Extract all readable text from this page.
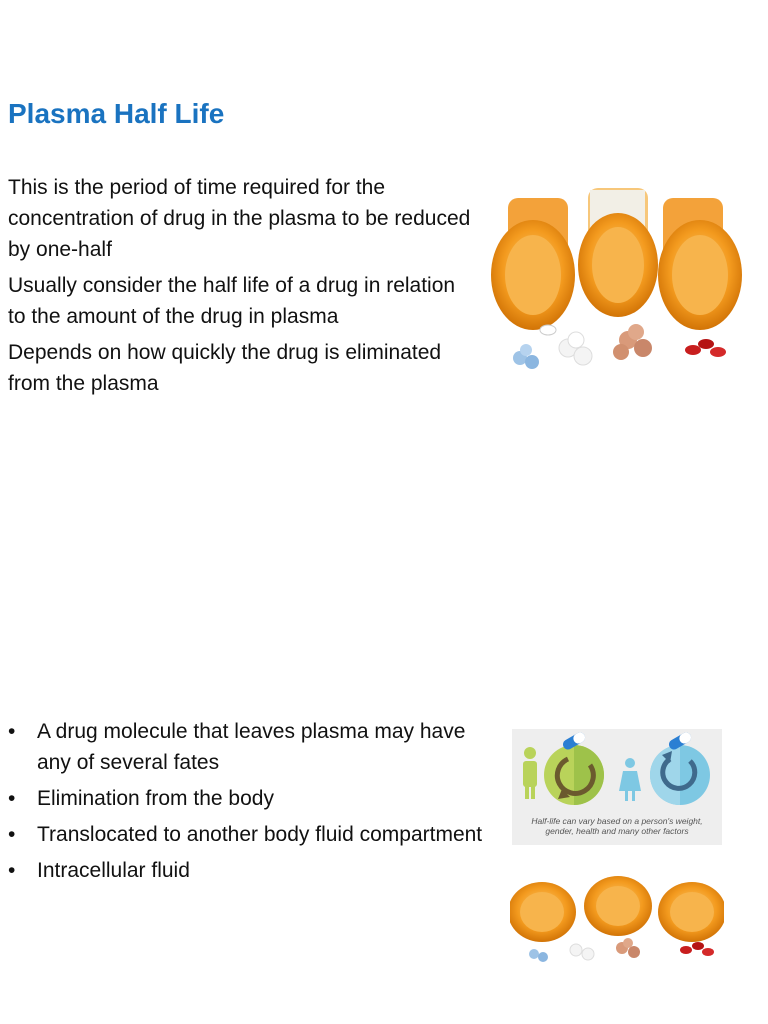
Plasma Half Life
This is the period of time required for the concentration of drug in the plasma to be reduced by one-half
Usually consider the half life of a drug in relation to the amount of the drug in plasma
Depends on how quickly the drug is eliminated from the plasma
• A drug molecule that leaves plasma may have any of several fates
• Elimination from the body
• Translocated to another body fluid compartment
• Intracellular fluid
Half-life can vary based on a person's weight,
gender, health and many other factors
